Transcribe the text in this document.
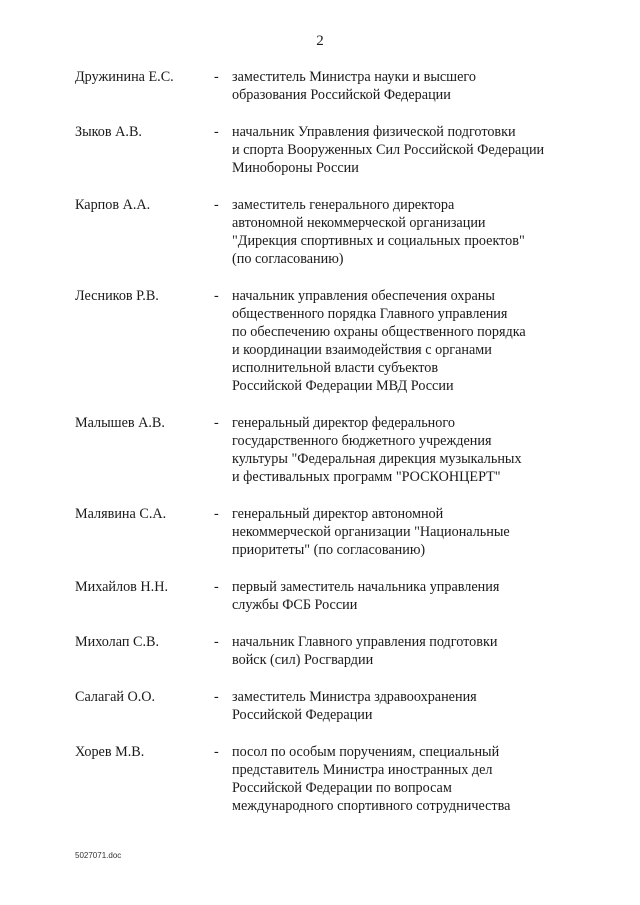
2
Дружинина Е.С.	- заместитель Министра науки и высшего
образования Российской Федерации
Зыков А.В.	- начальник Управления физической подготовки
и спорта Вооруженных Сил Российской Федерации
Минобороны России
Карпов А.А.	- заместитель генерального директора
автономной некоммерческой организации
"Дирекция спортивных и социальных проектов"
(по согласованию)
Лесников Р.В.	- начальник управления обеспечения охраны
общественного порядка Главного управления
по обеспечению охраны общественного порядка
и координации взаимодействия с органами
исполнительной власти субъектов
Российской Федерации МВД России
Малышев А.В.	- генеральный директор федерального
государственного бюджетного учреждения
культуры "Федеральная дирекция музыкальных
и фестивальных программ "РОСКОНЦЕРТ"
Малявина С.А.	- генеральный директор автономной
некоммерческой организации "Национальные
приоритеты" (по согласованию)
Михайлов Н.Н.	- первый заместитель начальника управления
службы ФСБ России
Михолап С.В.	- начальник Главного управления подготовки
войск (сил) Росгвардии
Салагай О.О.	- заместитель Министра здравоохранения
Российской Федерации
Хорев М.В.	- посол по особым поручениям, специальный
представитель Министра иностранных дел
Российской Федерации по вопросам
международного спортивного сотрудничества
5027071.doc
